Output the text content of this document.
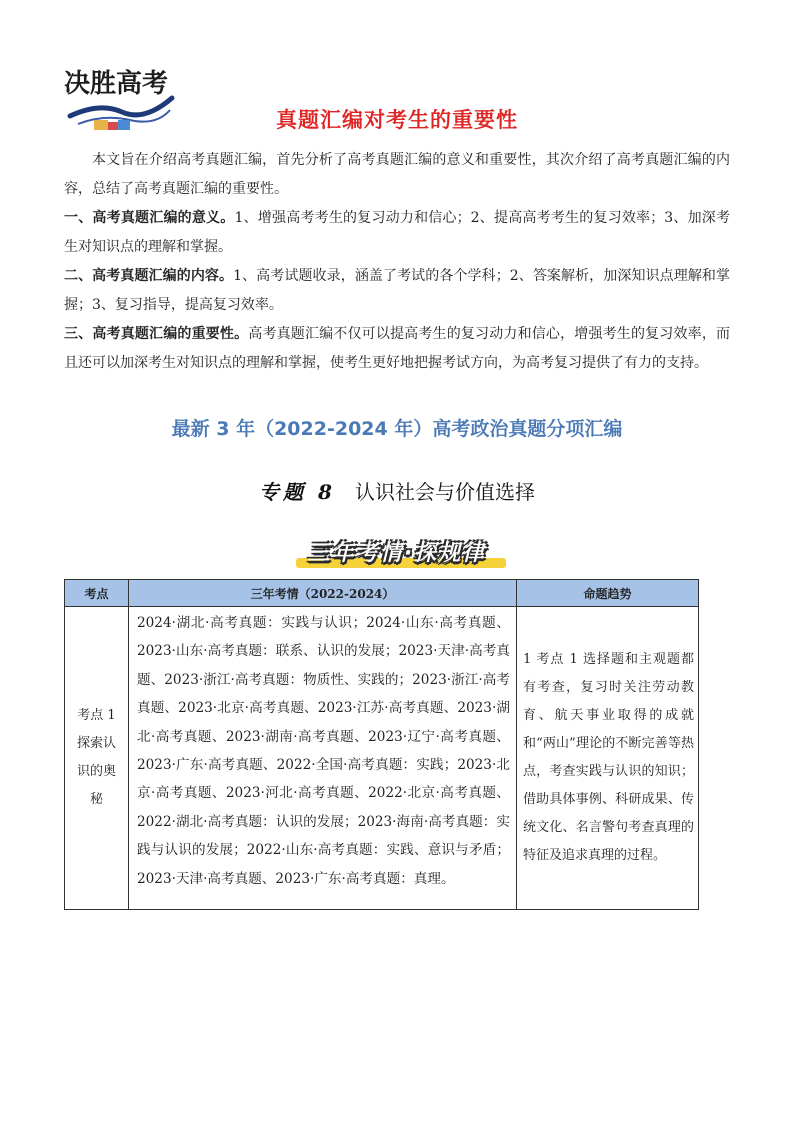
决胜高考
真题汇编对考生的重要性

本文旨在介绍高考真题汇编，首先分析了高考真题汇编的意义和重要性，其次介绍了高考真题汇编的内容，总结了高考真题汇编的重要性。

一、高考真题汇编的意义。1、增强高考考生的复习动力和信心；2、提高高考考生的复习效率；3、加深考生对知识点的理解和掌握。

二、高考真题汇编的内容。1、高考试题收录，涵盖了考试的各个学科；2、答案解析，加深知识点理解和掌握；3、复习指导，提高复习效率。

三、高考真题汇编的重要性。高考真题汇编不仅可以提高考生的复习动力和信心，增强考生的复习效率，而且还可以加深考生对知识点的理解和掌握，使考生更好地把握考试方向，为高考复习提供了有力的支持。

最新 3 年（2022-2024 年）高考政治真题分项汇编
专题 8 认识社会与价值选择
三年考情·探规律
考点	三年考情（2022-2024）	命题趋势
考点 1 探索认识的奥秘	2024·湖北·高考真题：实践与认识；2024·山东·高考真题、2023·山东·高考真题：联系、认识的发展；2023·天津·高考真题、2023·浙江·高考真题：物质性、实践的；2023·浙江·高考真题、2023·北京·高考真题、2023·江苏·高考真题、2023·湖北·高考真题、2023·湖南·高考真题、2023·辽宁·高考真题、2023·广东·高考真题、2022·全国·高考真题：实践；2023·北京·高考真题、2023·河北·高考真题、2022·北京·高考真题、2022·湖北·高考真题：认识的发展；2023·海南·高考真题：实践与认识的发展；2022·山东·高考真题：实践、意识与矛盾；2023·天津·高考真题、2023·广东·高考真题：真理。	1 考点 1 选择题和主观题都有考查，复习时关注劳动教育、航天事业取得的成就和“两山”理论的不断完善等热点，考查实践与认识的知识；借助具体事例、科研成果、传统文化、名言警句考查真理的特征及追求真理的过程。
